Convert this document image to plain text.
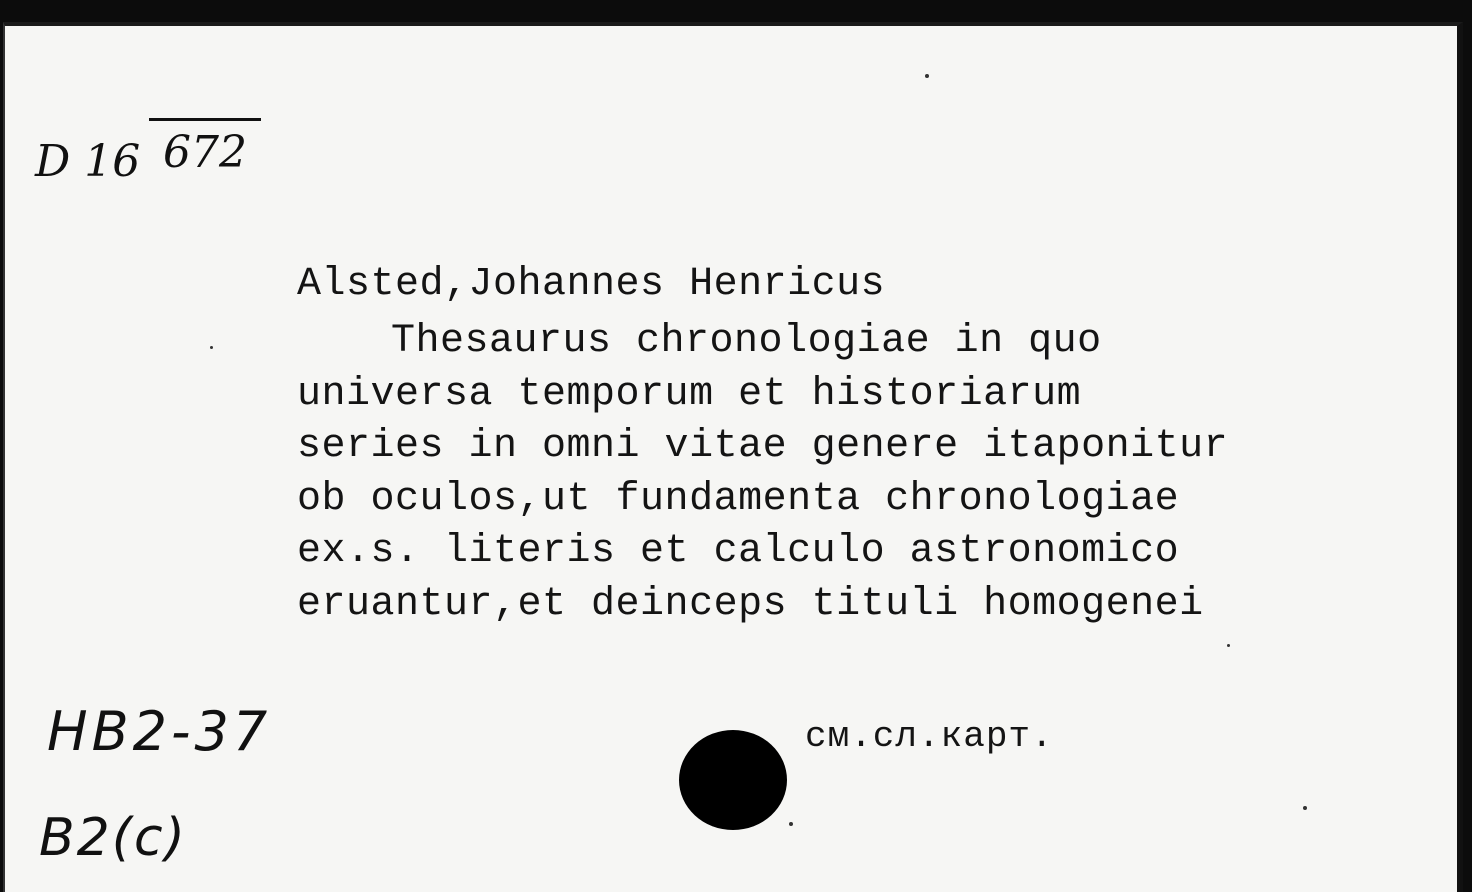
D 16 672
Alsted,Johannes Henricus
Thesaurus chronologiae in quo
universa temporum et historiarum
series in omni vitae genere itaponitur
ob oculos,ut fundamenta chronologiae
ex.s. literis et calculo astronomico
eruantur,et deinceps tituli homogenei
НВ2-37
В2(с)
см.сл.карт.
